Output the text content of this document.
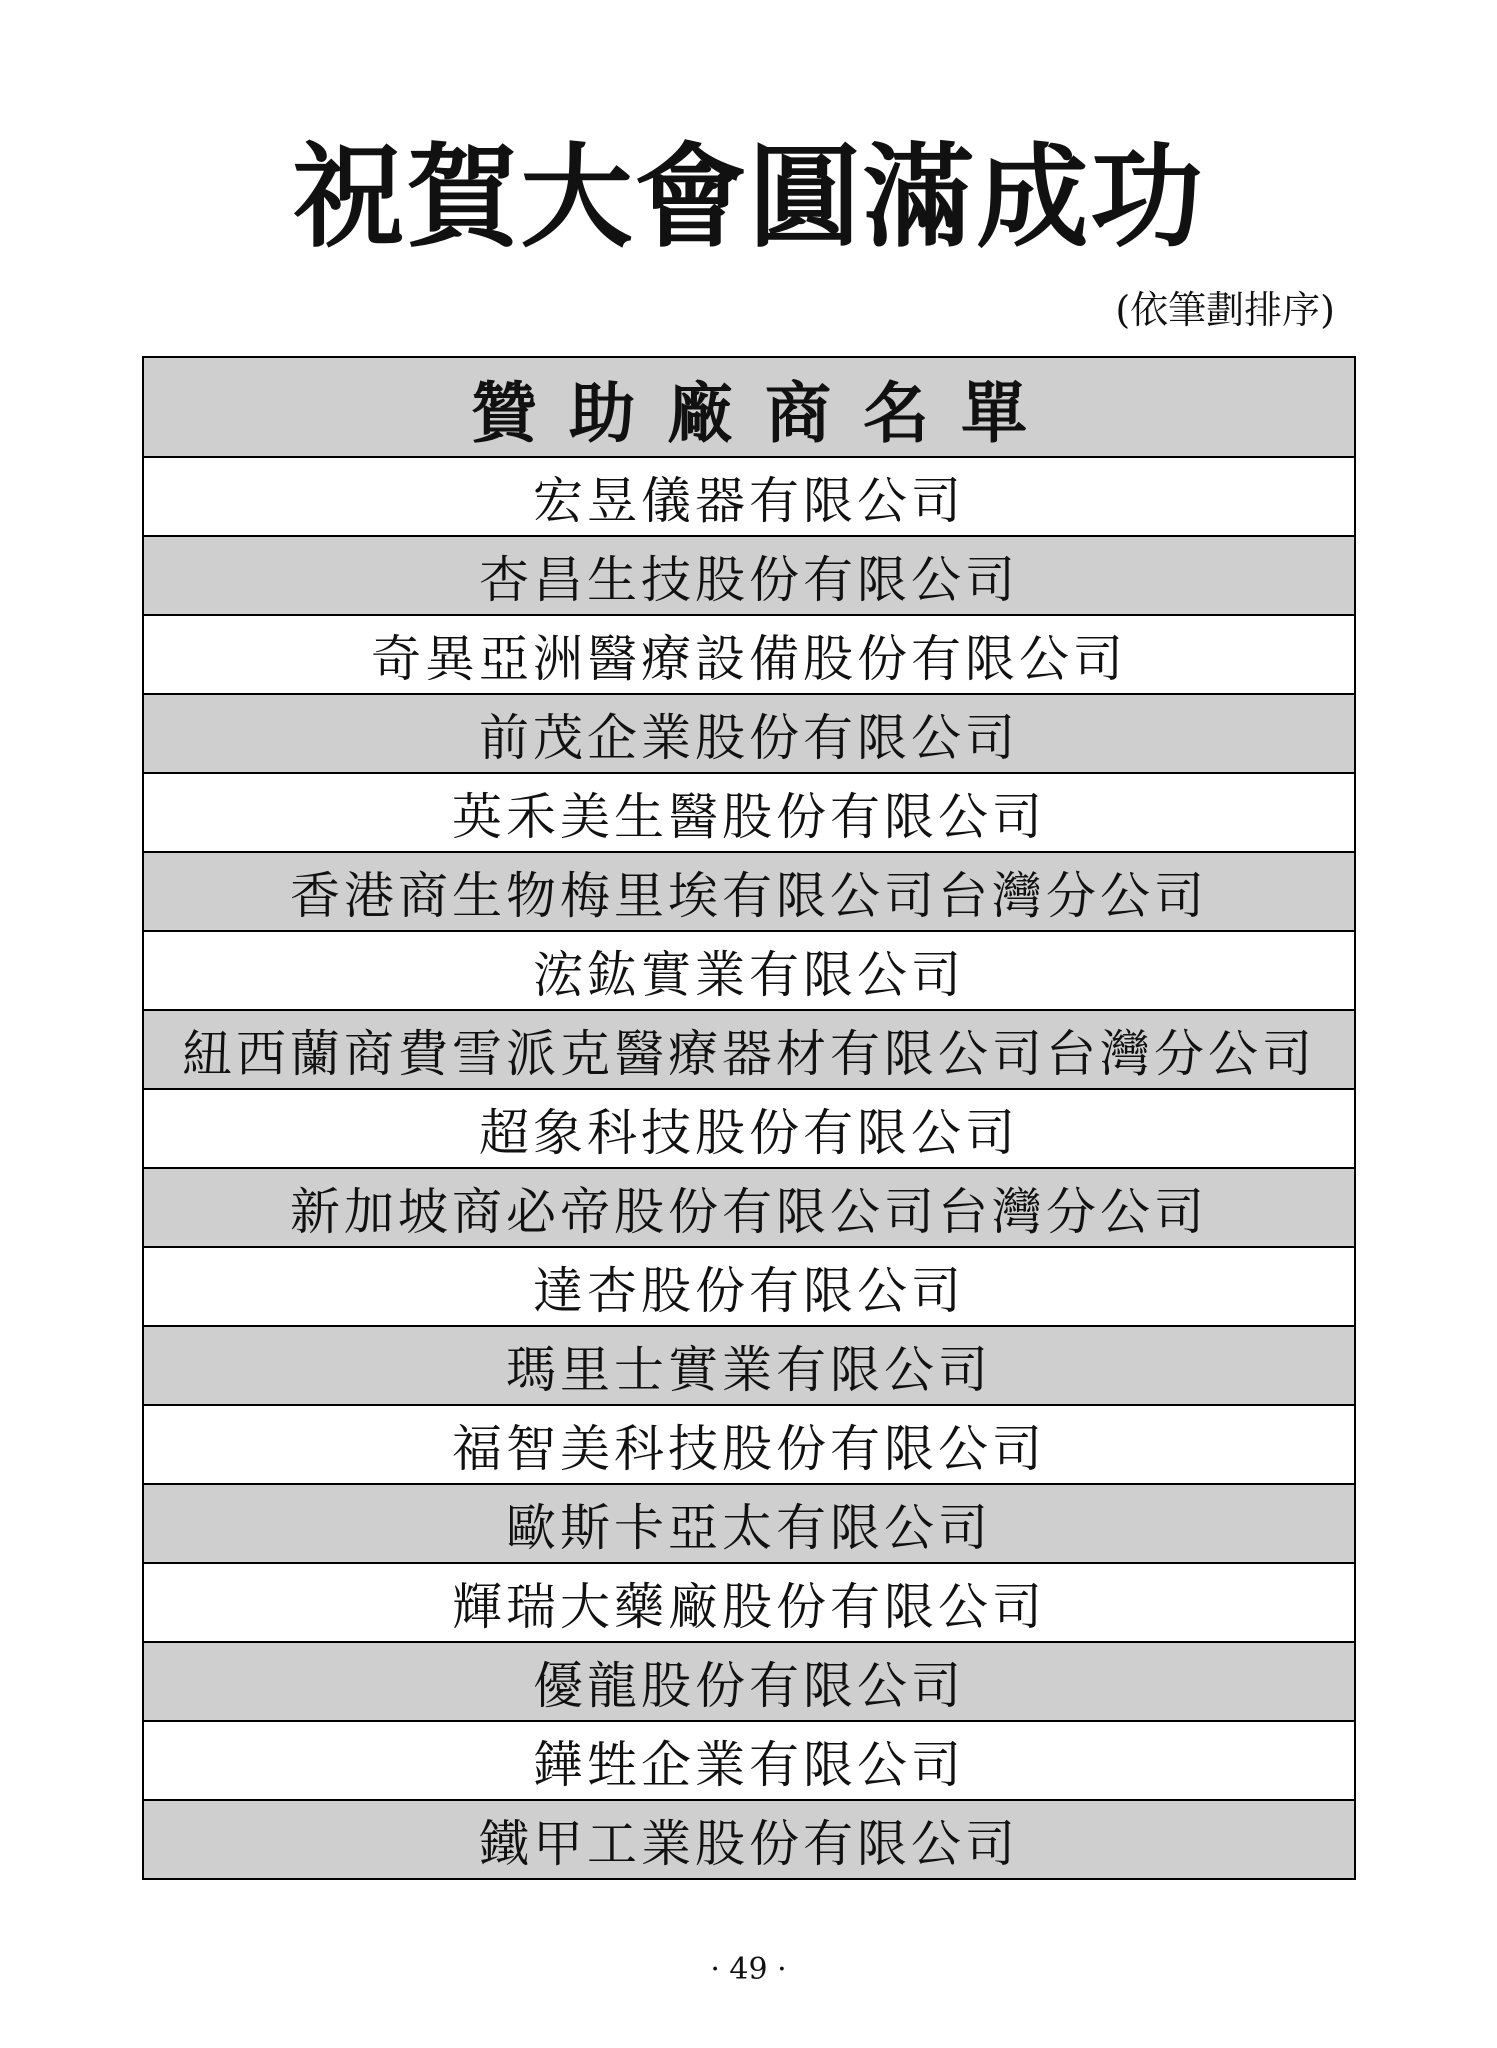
祝賀大會圓滿成功
(依筆劃排序)
贊助廠商名單
宏昱儀器有限公司
杏昌生技股份有限公司
奇異亞洲醫療設備股份有限公司
前茂企業股份有限公司
英禾美生醫股份有限公司
香港商生物梅里埃有限公司台灣分公司
浤鈜實業有限公司
紐西蘭商費雪派克醫療器材有限公司台灣分公司
超象科技股份有限公司
新加坡商必帝股份有限公司台灣分公司
達杏股份有限公司
瑪里士實業有限公司
福智美科技股份有限公司
歐斯卡亞太有限公司
輝瑞大藥廠股份有限公司
優龍股份有限公司
鏵甡企業有限公司
鐵甲工業股份有限公司
· 49 ·
